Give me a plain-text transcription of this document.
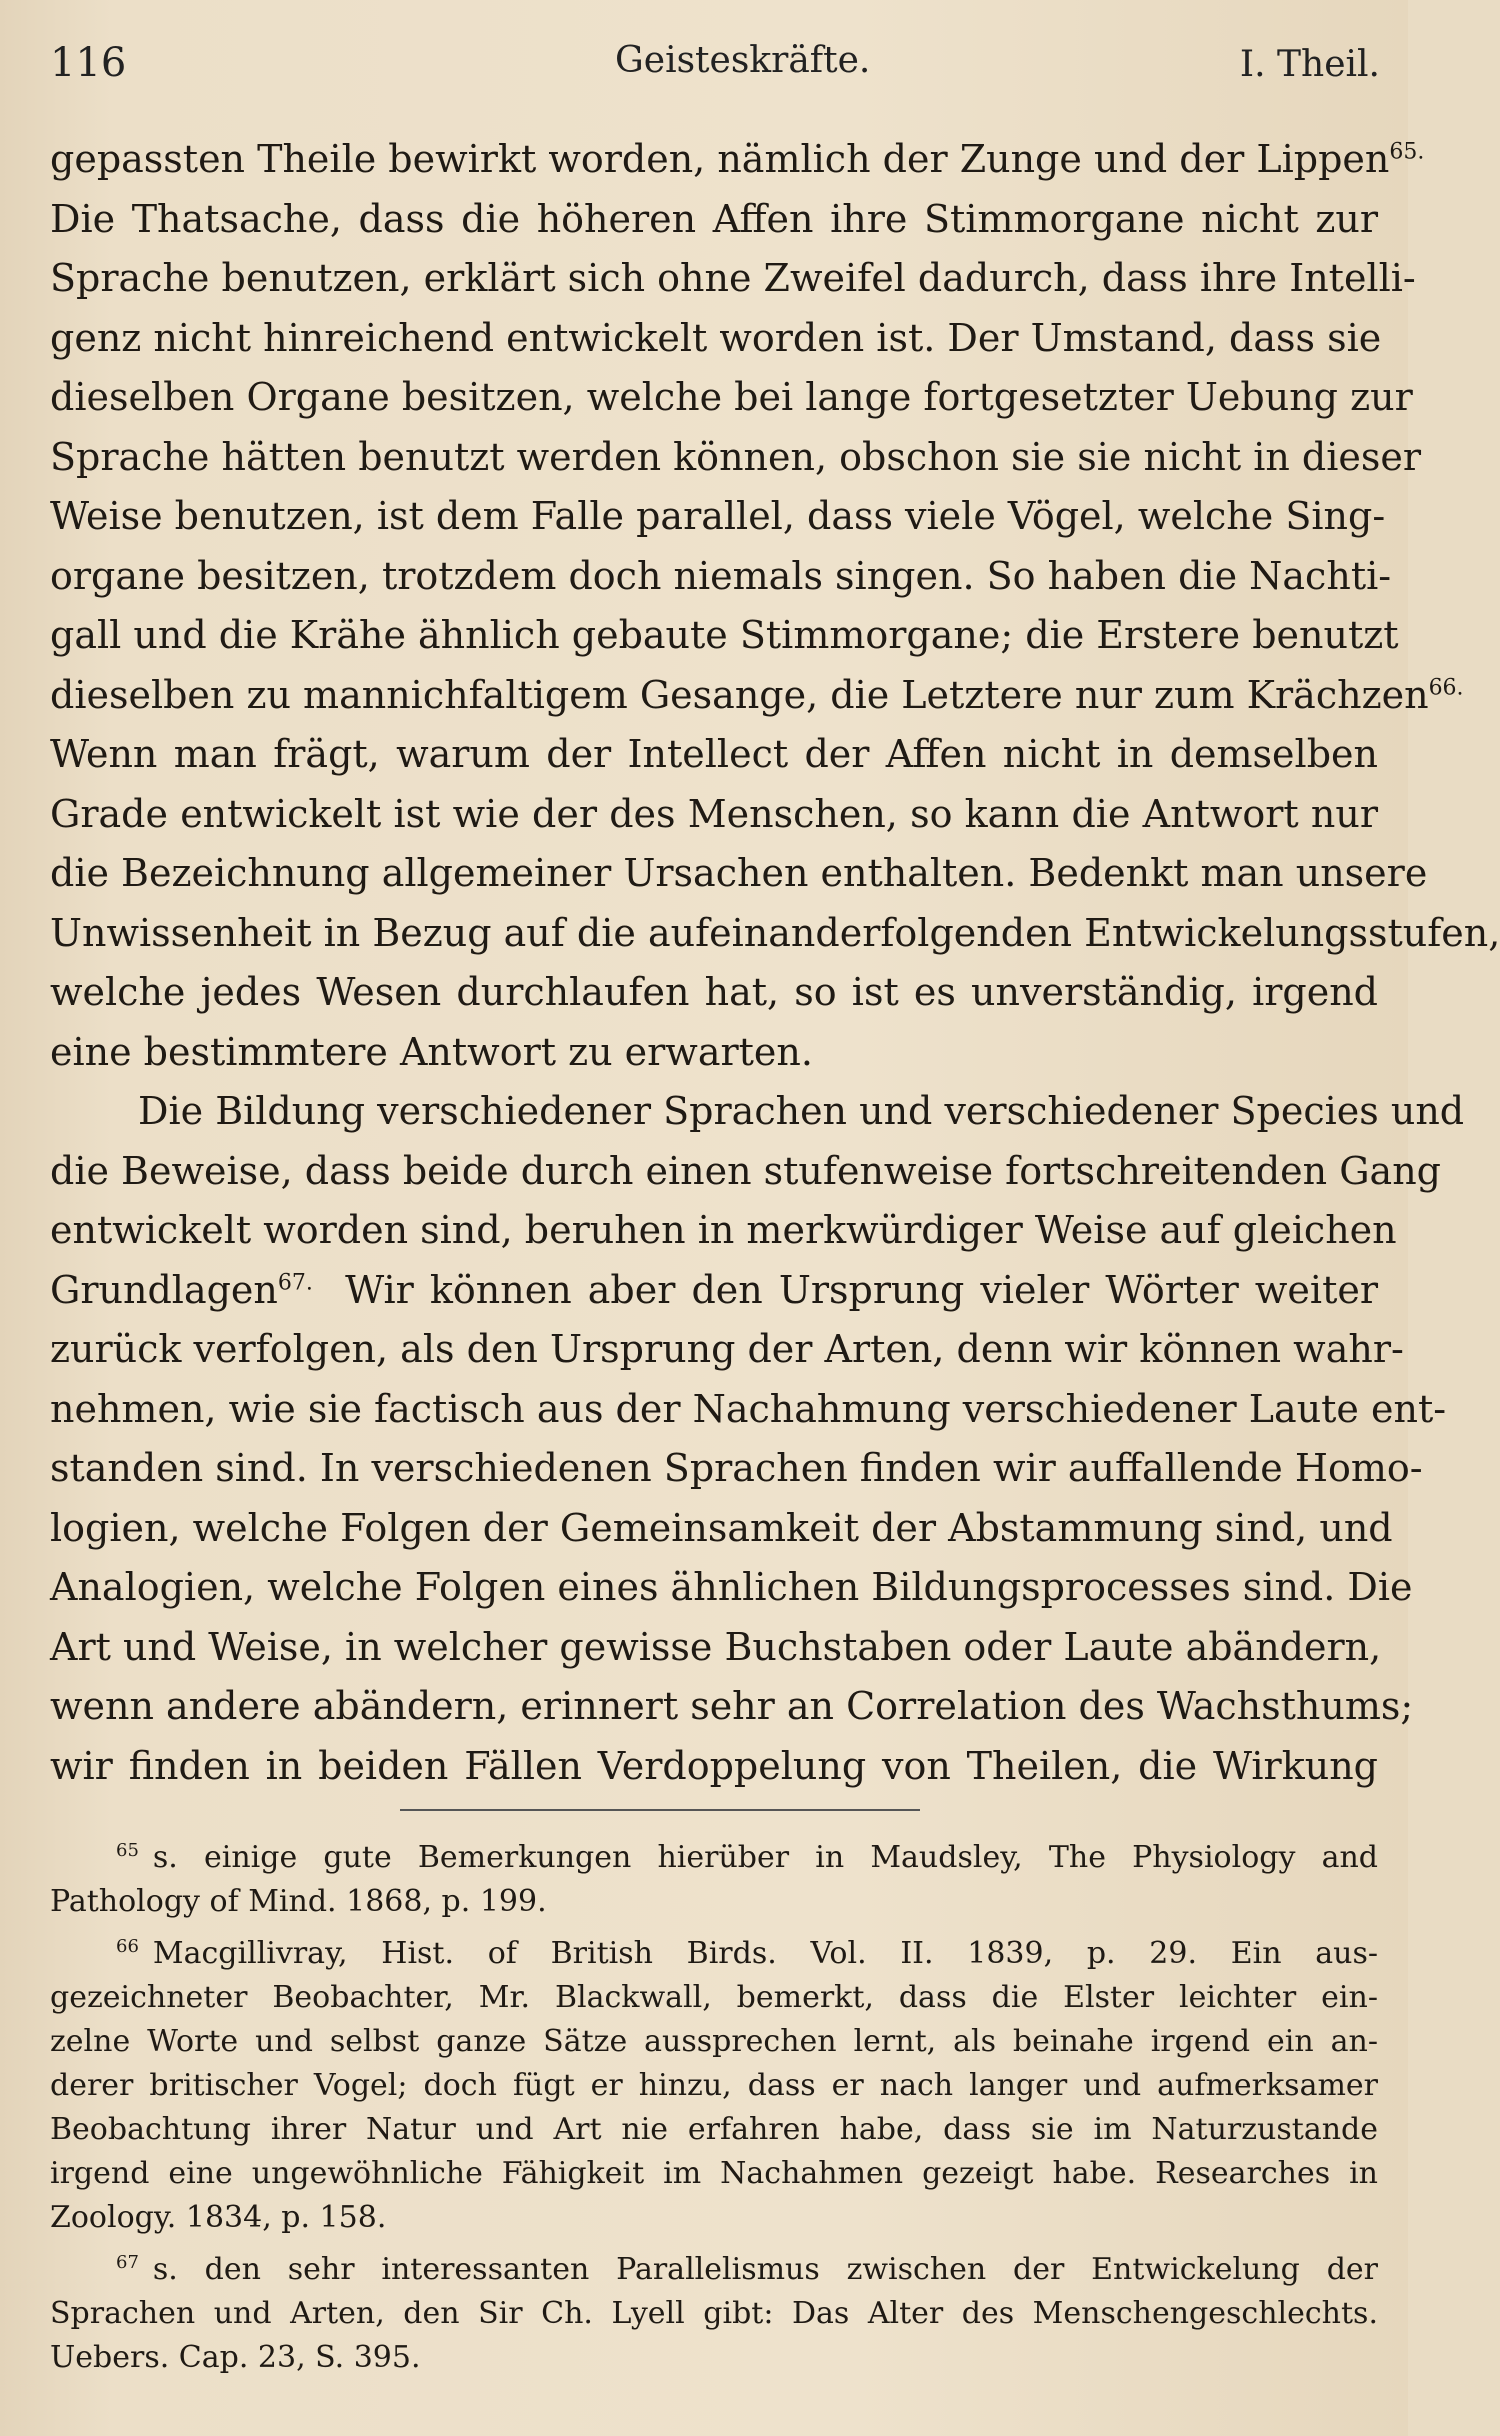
116	Geisteskräfte.	I. Theil.
gepassten Theile bewirkt worden, nämlich der Zunge und der Lippen$^{65.}$
Die Thatsache, dass die höheren Affen ihre Stimmorgane nicht zur
Sprache benutzen, erklärt sich ohne Zweifel dadurch, dass ihre Intelli-
genz nicht hinreichend entwickelt worden ist. Der Umstand, dass sie
dieselben Organe besitzen, welche bei lange fortgesetzter Uebung zur
Sprache hätten benutzt werden können, obschon sie sie nicht in dieser
Weise benutzen, ist dem Falle parallel, dass viele Vögel, welche Sing-
organe besitzen, trotzdem doch niemals singen. So haben die Nachti-
gall und die Krähe ähnlich gebaute Stimmorgane; die Erstere benutzt
dieselben zu mannichfaltigem Gesange, die Letztere nur zum Krächzen$^{66.}$
Wenn man frägt, warum der Intellect der Affen nicht in demselben
Grade entwickelt ist wie der des Menschen, so kann die Antwort nur
die Bezeichnung allgemeiner Ursachen enthalten. Bedenkt man unsere
Unwissenheit in Bezug auf die aufeinanderfolgenden Entwickelungsstufen,
welche jedes Wesen durchlaufen hat, so ist es unverständig, irgend
eine bestimmtere Antwort zu erwarten.
Die Bildung verschiedener Sprachen und verschiedener Species und
die Beweise, dass beide durch einen stufenweise fortschreitenden Gang
entwickelt worden sind, beruhen in merkwürdiger Weise auf gleichen
Grundlagen$^{67.}$ Wir können aber den Ursprung vieler Wörter weiter
zurück verfolgen, als den Ursprung der Arten, denn wir können wahr-
nehmen, wie sie factisch aus der Nachahmung verschiedener Laute ent-
standen sind. In verschiedenen Sprachen finden wir auffallende Homo-
logien, welche Folgen der Gemeinsamkeit der Abstammung sind, und
Analogien, welche Folgen eines ähnlichen Bildungsprocesses sind. Die
Art und Weise, in welcher gewisse Buchstaben oder Laute abändern,
wenn andere abändern, erinnert sehr an Correlation des Wachsthums;
wir finden in beiden Fällen Verdoppelung von Theilen, die Wirkung
$^{65}$ s. einige gute Bemerkungen hierüber in Maudsley, The Physiology and
Pathology of Mind. 1868, p. 199.
$^{66}$ Macgillivray, Hist. of British Birds. Vol. II. 1839, p. 29. Ein aus-
gezeichneter Beobachter, Mr. Blackwall, bemerkt, dass die Elster leichter ein-
zelne Worte und selbst ganze Sätze aussprechen lernt, als beinahe irgend ein an-
derer britischer Vogel; doch fügt er hinzu, dass er nach langer und aufmerksamer
Beobachtung ihrer Natur und Art nie erfahren habe, dass sie im Naturzustande
irgend eine ungewöhnliche Fähigkeit im Nachahmen gezeigt habe. Researches in
Zoology. 1834, p. 158.
$^{67}$ s. den sehr interessanten Parallelismus zwischen der Entwickelung der
Sprachen und Arten, den Sir Ch. Lyell gibt: Das Alter des Menschengeschlechts.
Uebers. Cap. 23, S. 395.
